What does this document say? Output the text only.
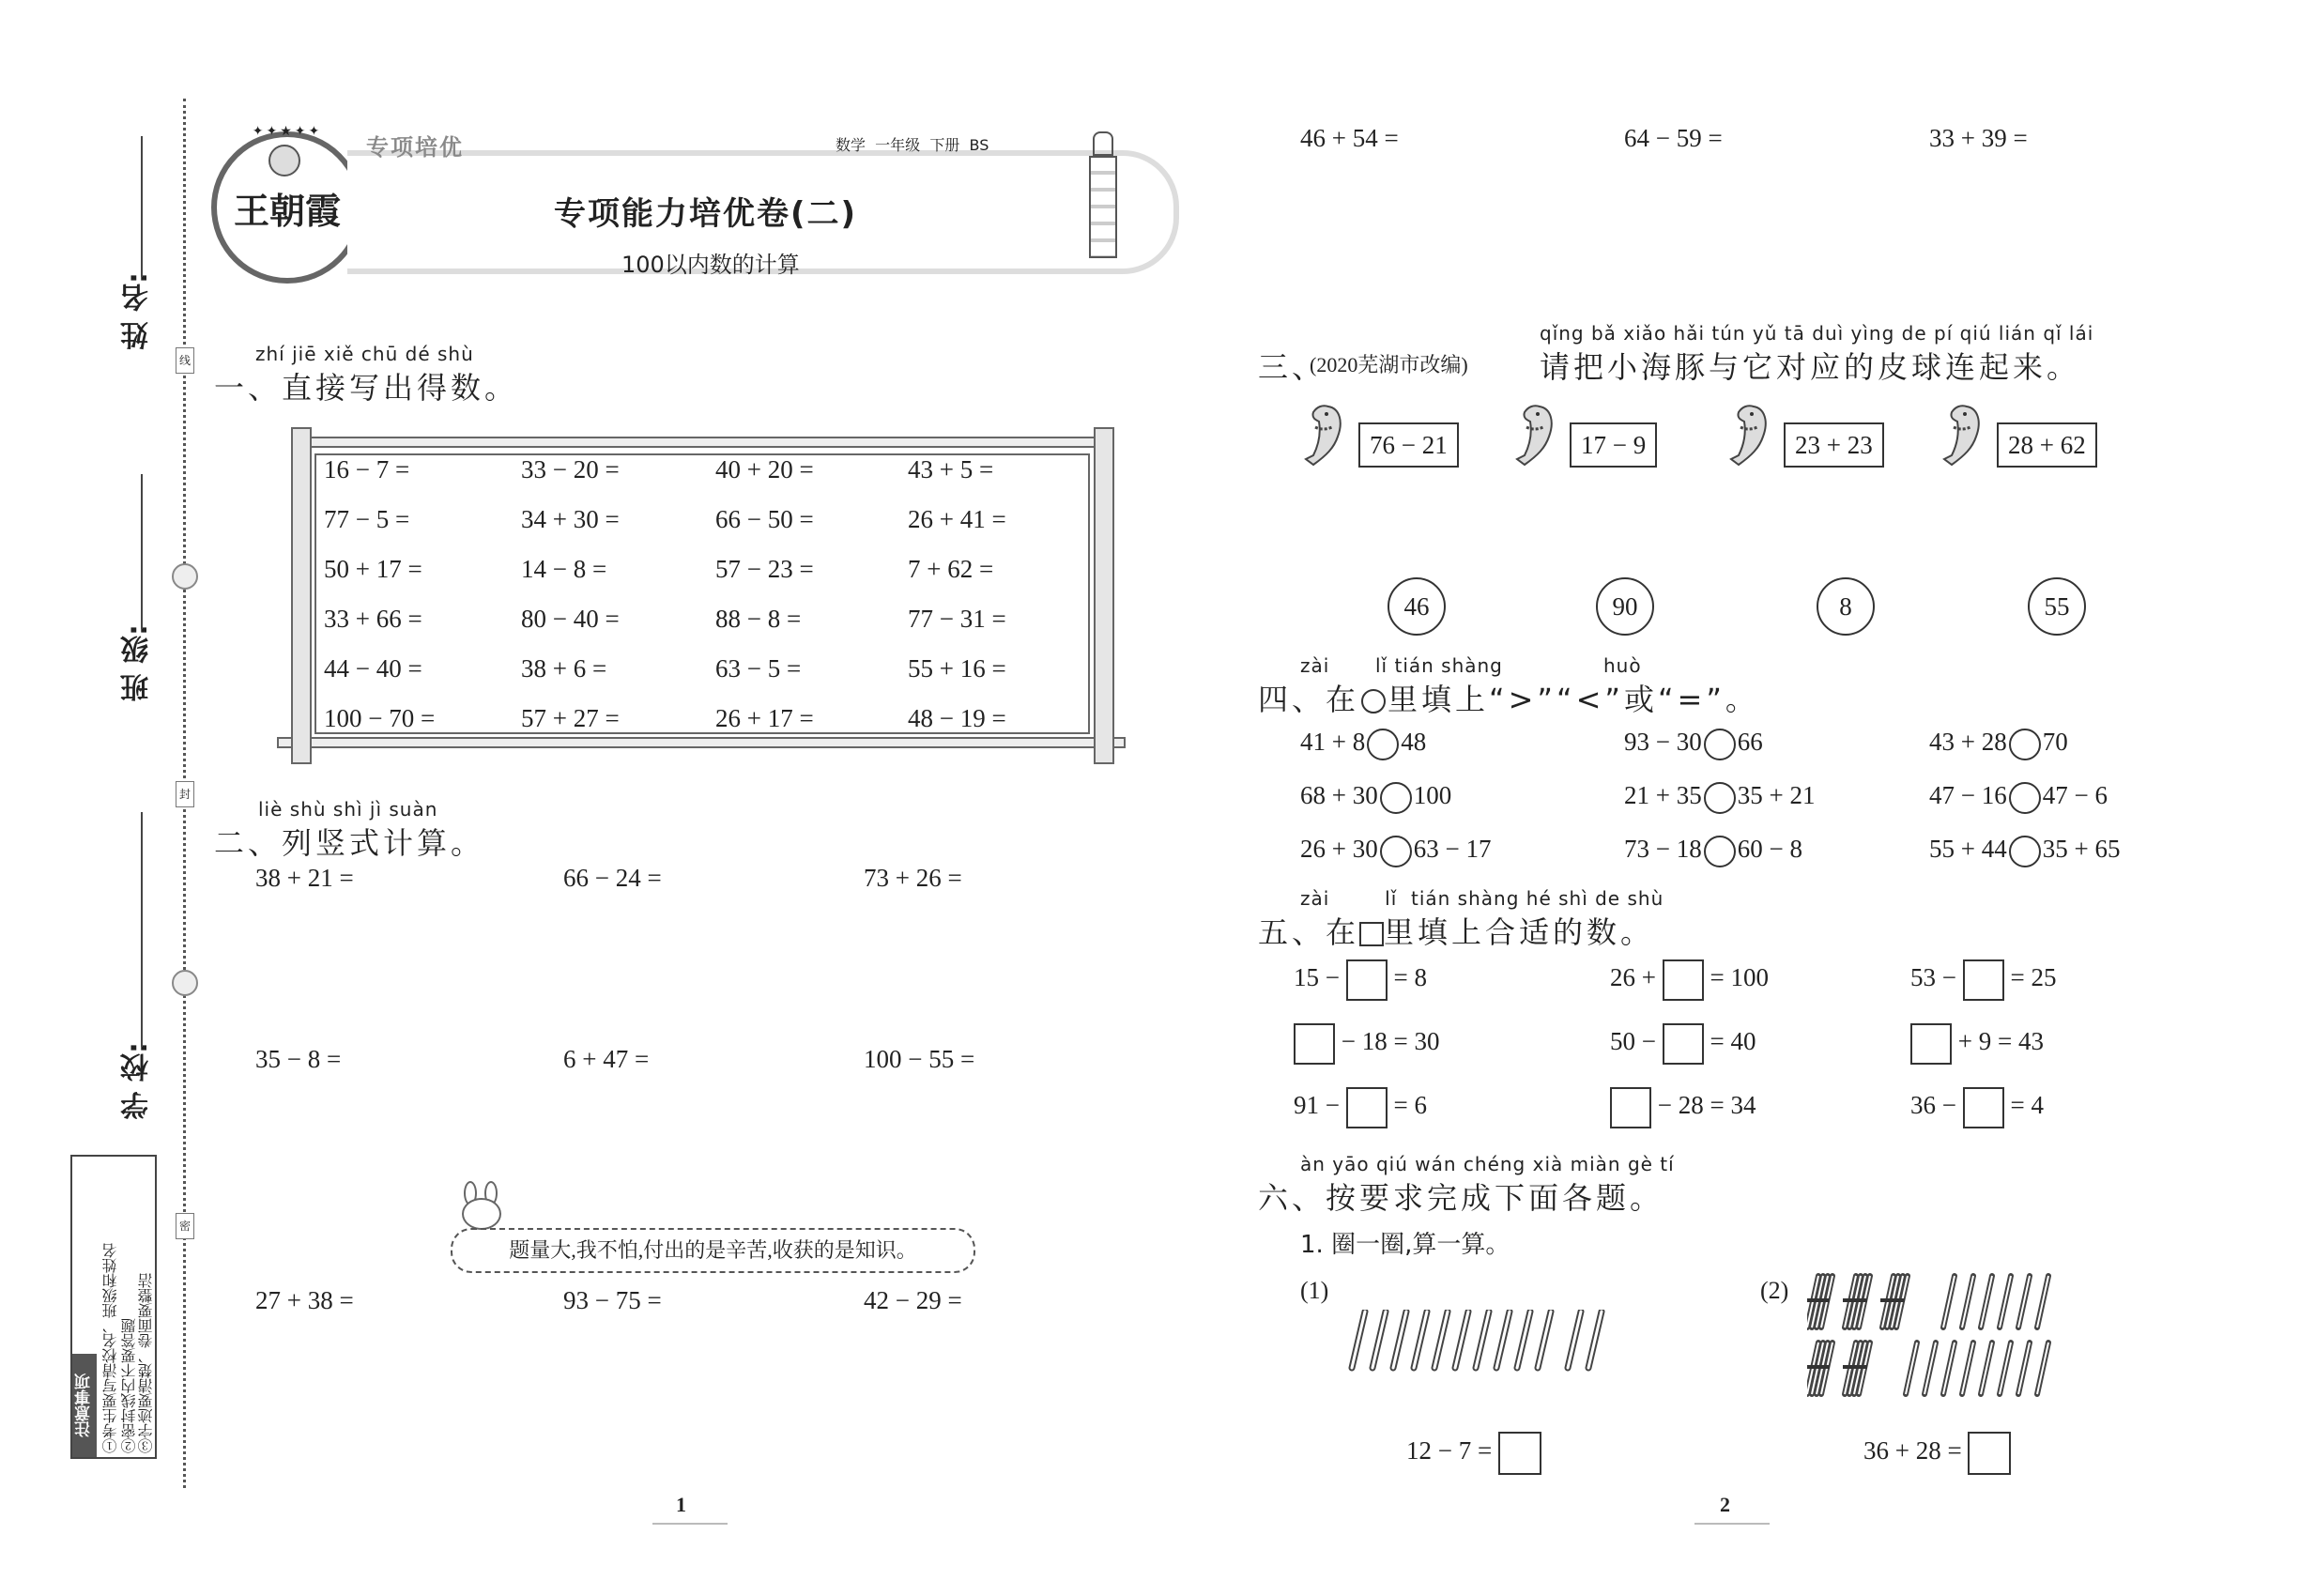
线
封
密
姓 名:
班 级:
学 校:
注意事项 ①考生要写清校名、班级和姓名 ②密封线内不要答题 ③字迹要清楚、卷面要整洁
王朝霞
✦✦★✦✦
专项培优	数学  一年级  下册  BS
专项能力培优卷(二)
100以内数的计算
zhí jiē xiě chū dé shù
一、直接写出得数。
16 − 7 =	33 − 20 =	40 + 20 =	43 + 5 =
77 − 5 =	34 + 30 =	66 − 50 =	26 + 41 =
50 + 17 =	14 − 8 =	57 − 23 =	7 + 62 =
33 + 66 =	80 − 40 =	88 − 8 =	77 − 31 =
44 − 40 =	38 + 6 =	63 − 5 =	55 + 16 =
100 − 70 =	57 + 27 =	26 + 17 =	48 − 19 =
liè shù shì jì suàn
二、列竖式计算。
38 + 21 =	66 − 24 =	73 + 26 =
35 − 8 =	6 + 47 =	100 − 55 =
27 + 38 =	93 − 75 =	42 − 29 =
题量大,我不怕,付出的是辛苦,收获的是知识。
1
46 + 54 =	64 − 59 =	33 + 39 =
qǐng bǎ xiǎo hǎi tún yǔ tā duì yìng de pí qiú lián qǐ lái
三、
(2020芜湖市改编) 请把小海豚与它对应的皮球连起来。
76 − 21	17 − 9	23 + 23	28 + 62
46	90	8	55
zài lǐ tián shàng	huò
四、在 里填上“>”“<”或“=”。
41 + 8 48	93 − 30 66	43 + 28 70
68 + 30 100	21 + 35 35 + 21	47 − 16 47 − 6
26 + 30 63 − 17	73 − 18 60 − 8	55 + 44 35 + 65
zài        lǐ  tián shàng hé shì de shù
五、在 里填上合适的数。
15 − = 8	26 + = 100	53 − = 25
− 18 = 30	50 − = 40	+ 9 = 43
91 − = 6	− 28 = 34	36 − = 4
àn yāo qiú wán chéng xià miàn gè tí
六、按要求完成下面各题。
1. 圈一圈,算一算。
(1)	(2)
12 − 7 =	36 + 28 =
2
